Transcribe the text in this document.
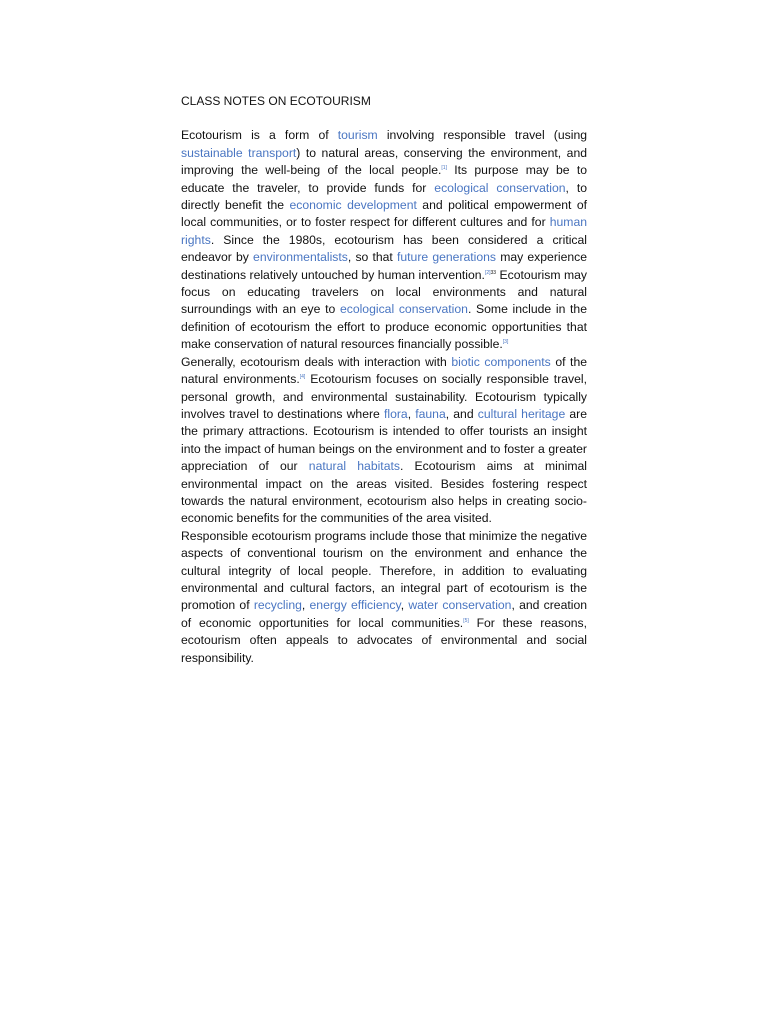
CLASS NOTES ON ECOTOURISM

Ecotourism is a form of tourism involving responsible travel (using sustainable transport) to natural areas, conserving the environment, and improving the well-being of the local people.[1] Its purpose may be to educate the traveler, to provide funds for ecological conservation, to directly benefit the economic development and political empowerment of local communities, or to foster respect for different cultures and for human rights. Since the 1980s, ecotourism has been considered a critical endeavor by environmentalists, so that future generations may experience destinations relatively untouched by human intervention.$^{[2]33}$ Ecotourism may focus on educating travelers on local environments and natural surroundings with an eye to ecological conservation. Some include in the definition of ecotourism the effort to produce economic opportunities that make conservation of natural resources financially possible.[3]

Generally, ecotourism deals with interaction with biotic components of the natural environments.[4] Ecotourism focuses on socially responsible travel, personal growth, and environmental sustainability. Ecotourism typically involves travel to destinations where flora, fauna, and cultural heritage are the primary attractions. Ecotourism is intended to offer tourists an insight into the impact of human beings on the environment and to foster a greater appreciation of our natural habitats. Ecotourism aims at minimal environmental impact on the areas visited. Besides fostering respect towards the natural environment, ecotourism also helps in creating socio-economic benefits for the communities of the area visited.

Responsible ecotourism programs include those that minimize the negative aspects of conventional tourism on the environment and enhance the cultural integrity of local people. Therefore, in addition to evaluating environmental and cultural factors, an integral part of ecotourism is the promotion of recycling, energy efficiency, water conservation, and creation of economic opportunities for local communities.[5] For these reasons, ecotourism often appeals to advocates of environmental and social responsibility.
